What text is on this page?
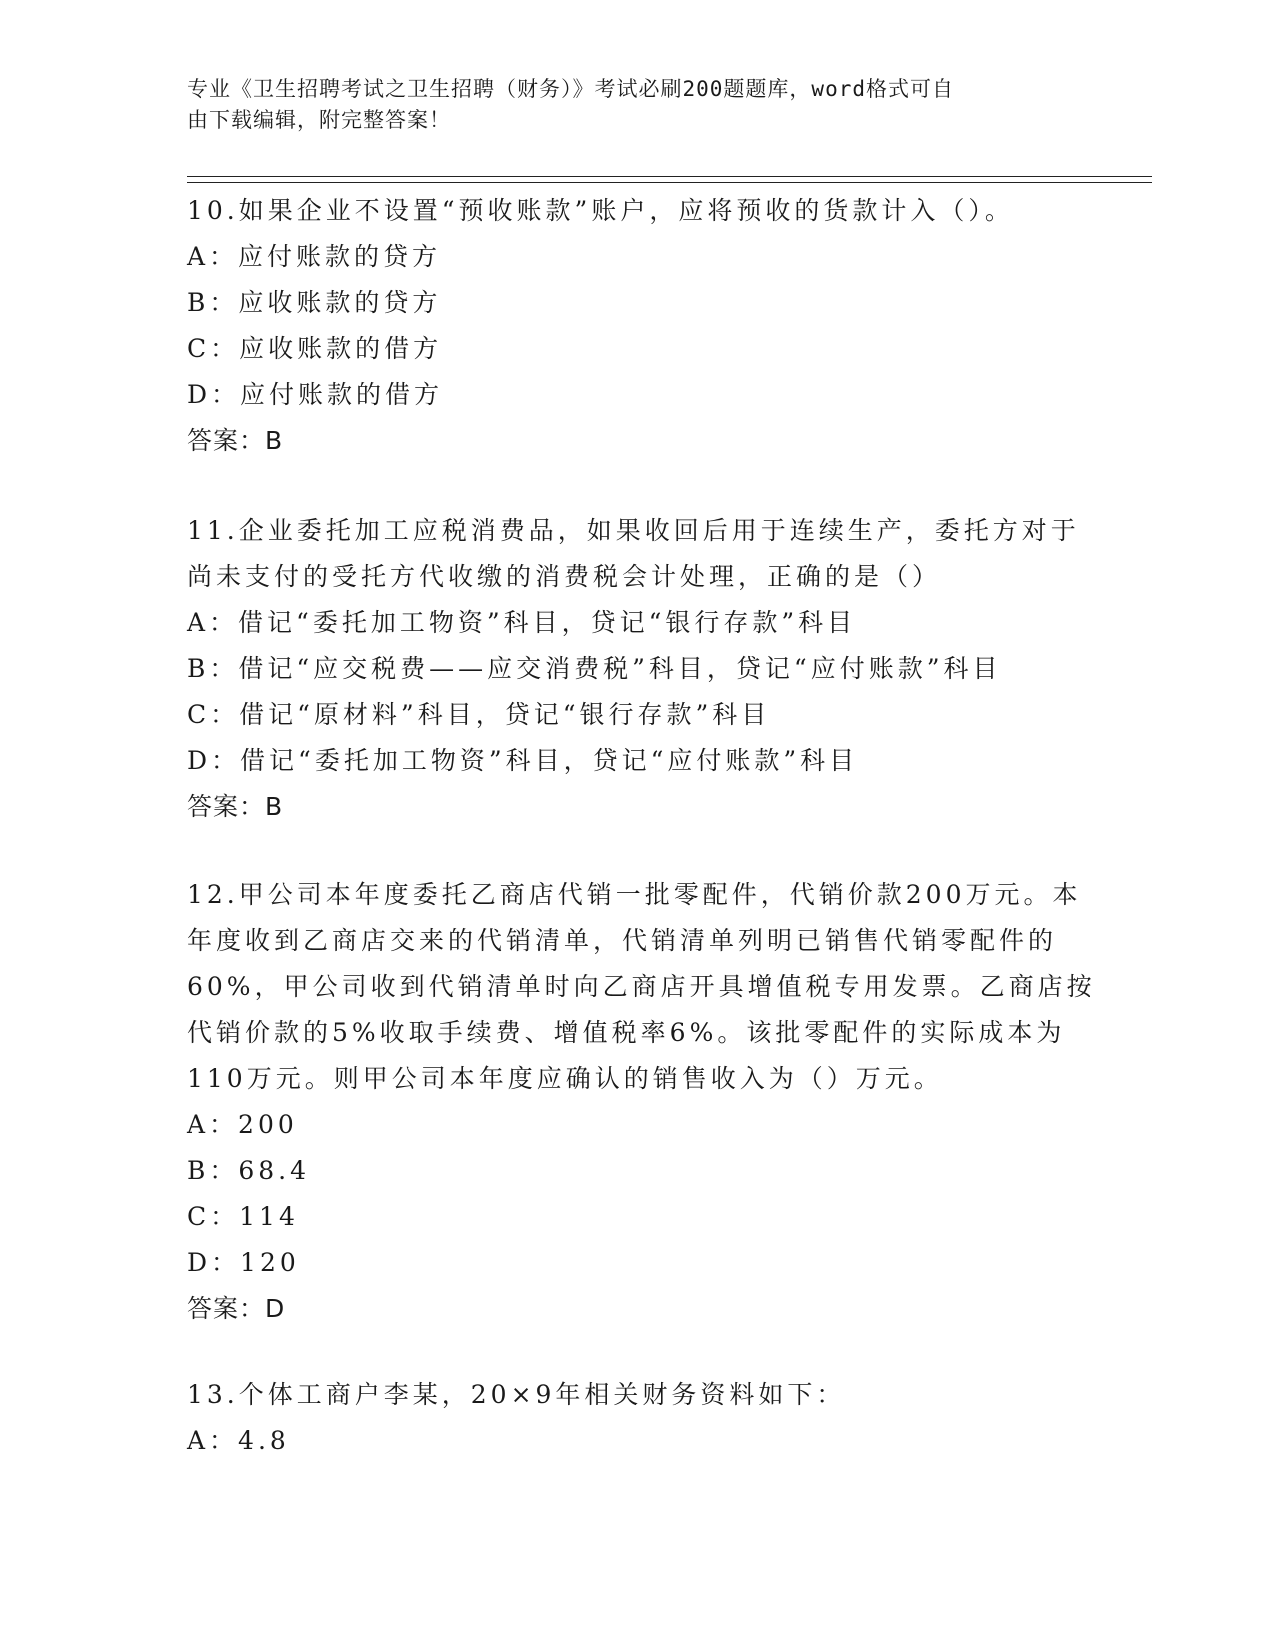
专业《卫生招聘考试之卫生招聘（财务）》考试必刷200题题库，word格式可自
由下载编辑，附完整答案！
10.如果企业不设置“预收账款”账户，应将预收的货款计入（）。
A：应付账款的贷方
B：应收账款的贷方
C：应收账款的借方
D：应付账款的借方
答案：B
11.企业委托加工应税消费品，如果收回后用于连续生产，委托方对于
尚未支付的受托方代收缴的消费税会计处理，正确的是（）
A：借记“委托加工物资”科目，贷记“银行存款”科目
B：借记“应交税费——应交消费税”科目，贷记“应付账款”科目
C：借记“原材料”科目，贷记“银行存款”科目
D：借记“委托加工物资”科目，贷记“应付账款”科目
答案：B
12.甲公司本年度委托乙商店代销一批零配件，代销价款200万元。本
年度收到乙商店交来的代销清单，代销清单列明已销售代销零配件的
60%，甲公司收到代销清单时向乙商店开具增值税专用发票。乙商店按
代销价款的5%收取手续费、增值税率6%。该批零配件的实际成本为
110万元。则甲公司本年度应确认的销售收入为（）万元。
A：200
B：68.4
C：114
D：120
答案：D
13.个体工商户李某，20×9年相关财务资料如下：
A：4.8
